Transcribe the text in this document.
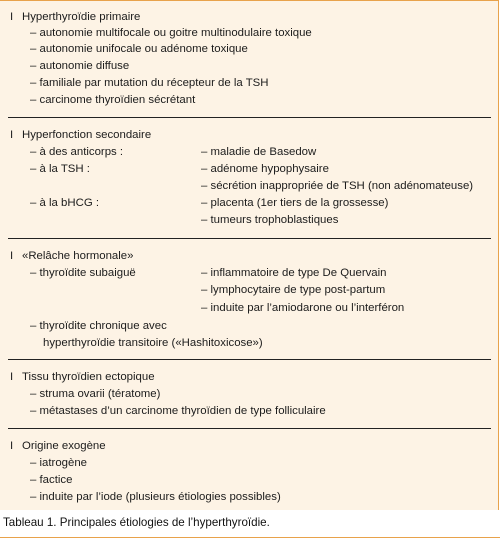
I Hyperthyroïdie primaire
– autonomie multifocale ou goitre multinodulaire toxique
– autonomie unifocale ou adénome toxique
– autonomie diffuse
– familiale par mutation du récepteur de la TSH
– carcinome thyroïdien sécrétant
I Hyperfonction secondaire
– à des anticorps :	– maladie de Basedow
– à la TSH :	– adénome hypophysaire
– sécrétion inappropriée de TSH (non adénomateuse)
– à la bHCG :	– placenta (1er tiers de la grossesse)
– tumeurs trophoblastiques
I «Relâche hormonale»
– thyroïdite subaiguë	– inflammatoire de type De Quervain
– lymphocytaire de type post-partum
– induite par l’amiodarone ou l’interféron
– thyroïdite chronique avec
hyperthyroïdie transitoire («Hashitoxicose»)
I Tissu thyroïdien ectopique
– struma ovarii (tératome)
– métastases d’un carcinome thyroïdien de type folliculaire
I Origine exogène
– iatrogène
– factice
– induite par l’iode (plusieurs étiologies possibles)
Tableau 1. Principales étiologies de l’hyperthyroïdie.
